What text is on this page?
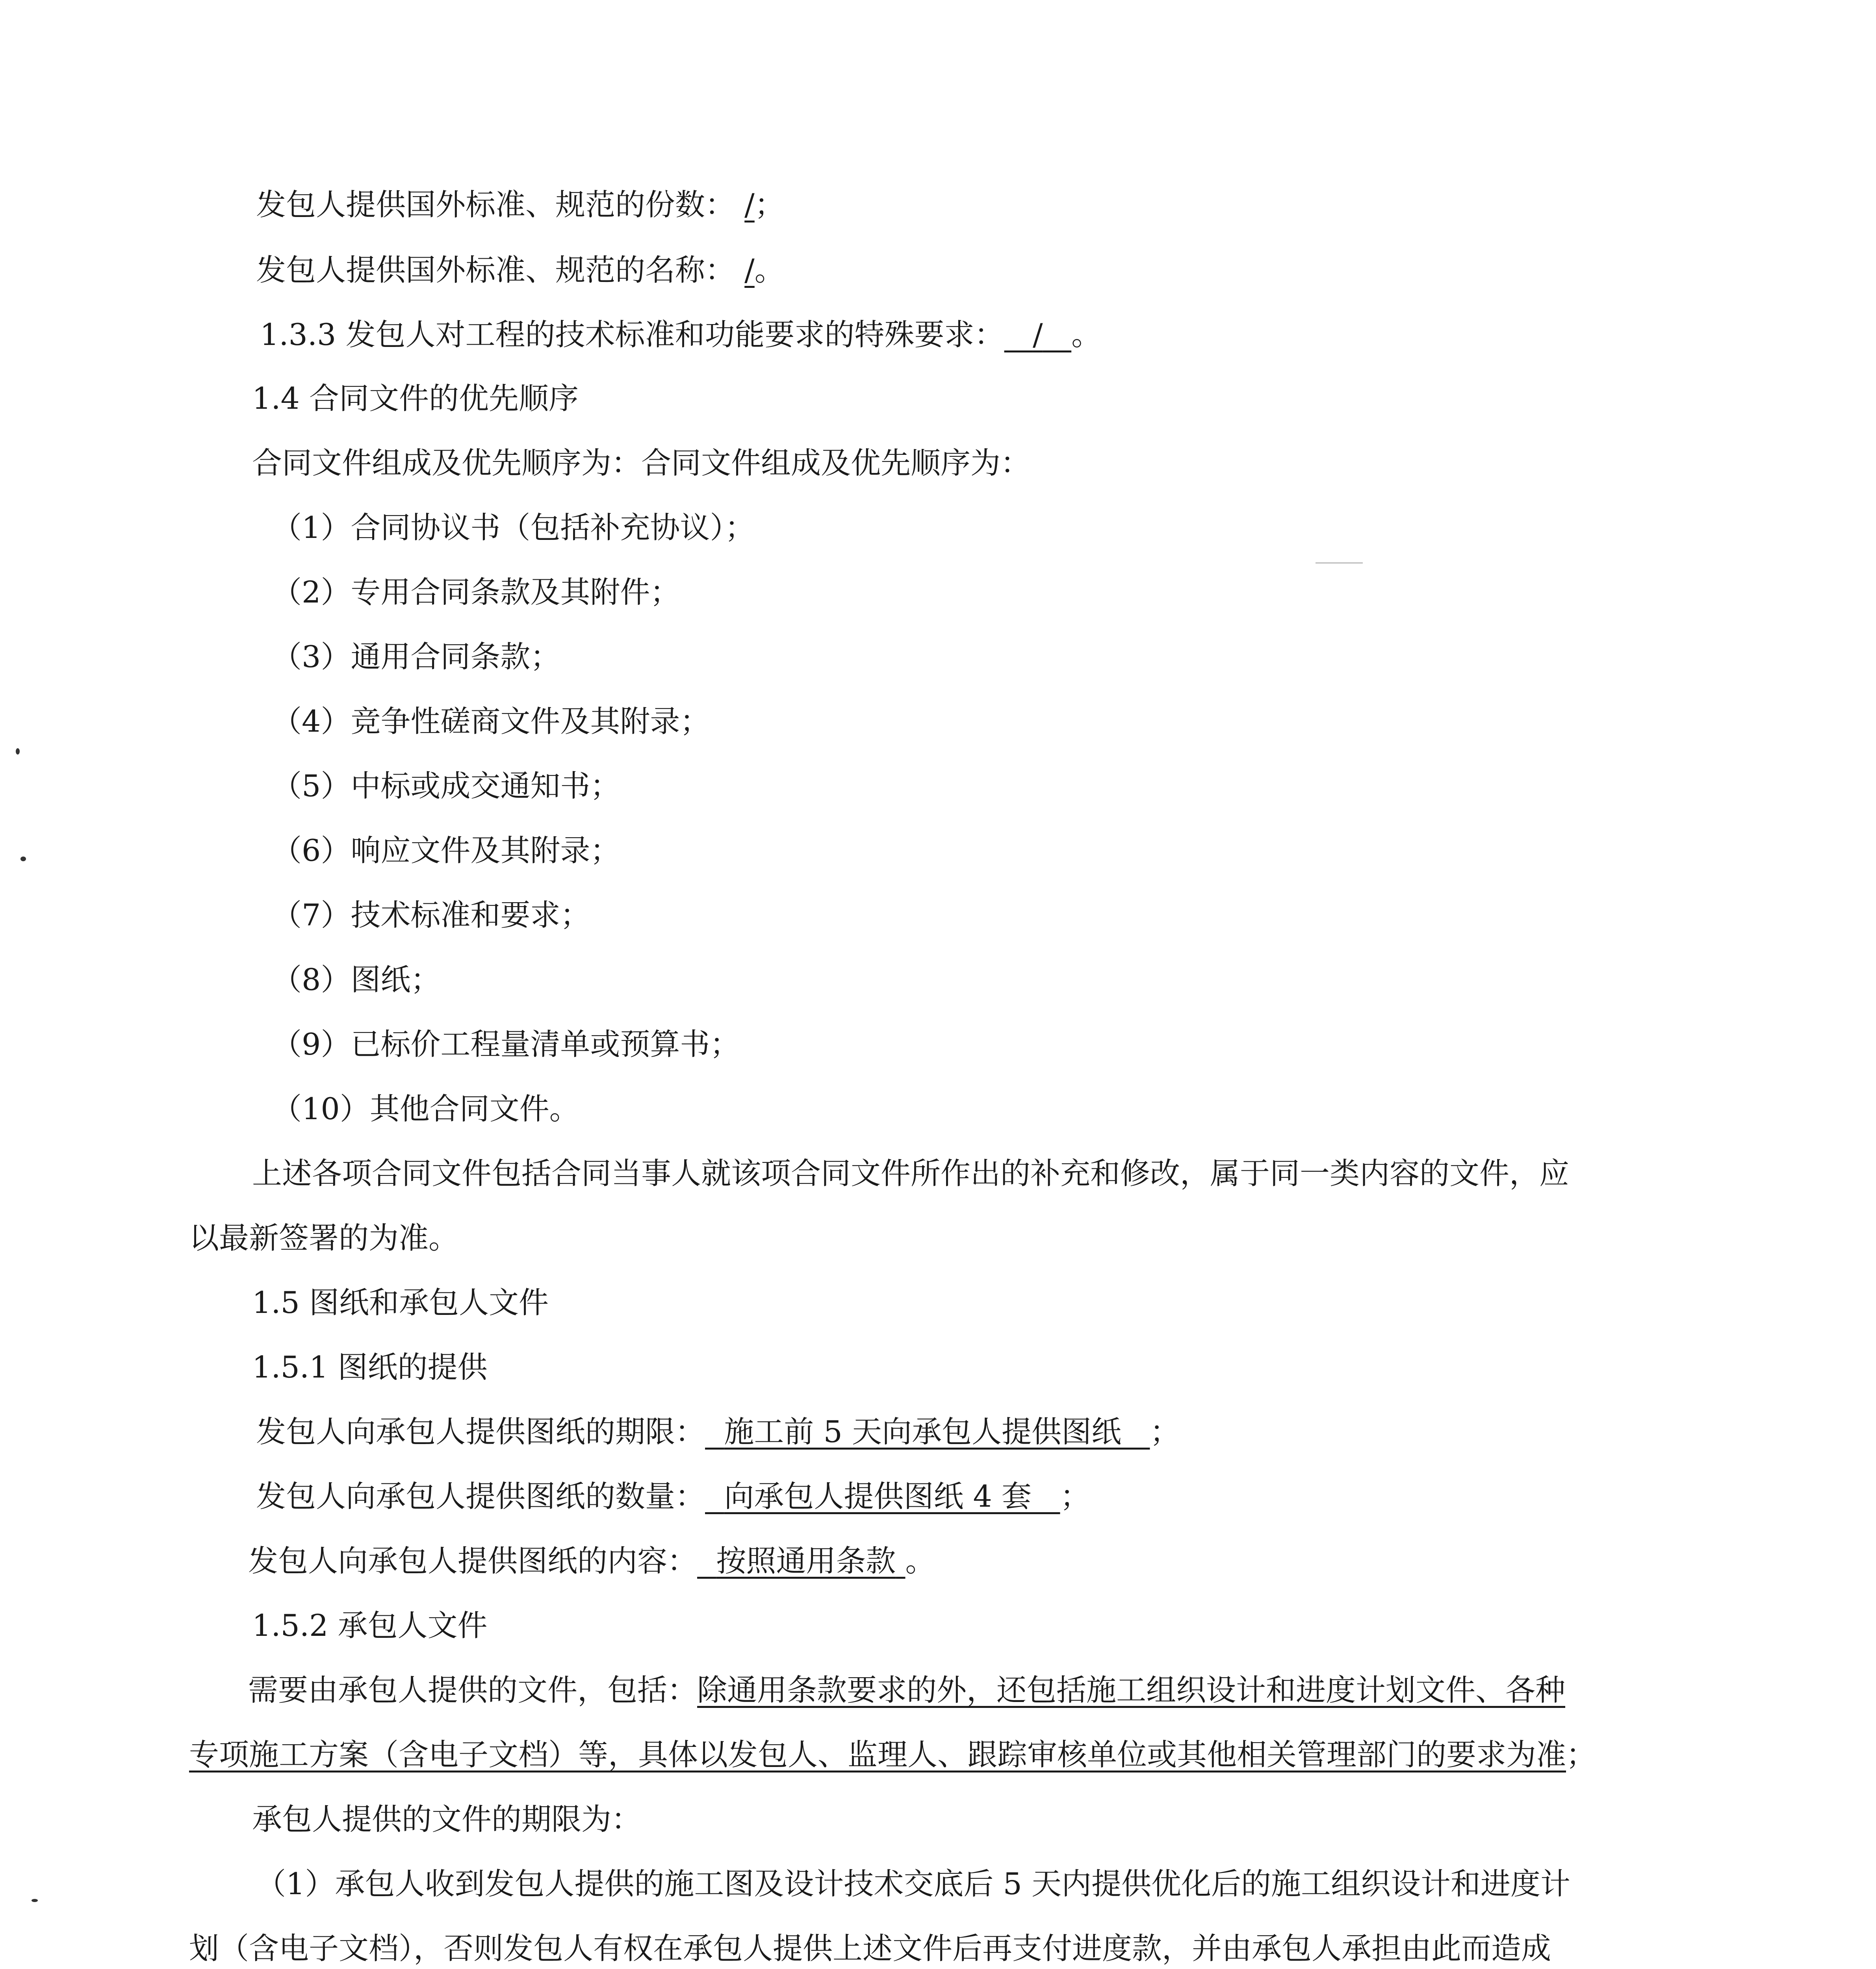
发包人提供国外标准、规范的份数： /；

发包人提供国外标准、规范的名称： /。

1.3.3 发包人对工程的技术标准和功能要求的特殊要求： / 。

1.4 合同文件的优先顺序

合同文件组成及优先顺序为：合同文件组成及优先顺序为：

（1）合同协议书（包括补充协议）；

（2）专用合同条款及其附件；

（3）通用合同条款；

（4）竞争性磋商文件及其附录；

（5）中标或成交通知书；

（6）响应文件及其附录；

（7）技术标准和要求；

（8）图纸；

（9）已标价工程量清单或预算书；

（10）其他合同文件。

上述各项合同文件包括合同当事人就该项合同文件所作出的补充和修改，属于同一类内容的文件，应

以最新签署的为准。

1.5 图纸和承包人文件

1.5.1 图纸的提供

发包人向承包人提供图纸的期限： 施工前 5 天向承包人提供图纸 ；

发包人向承包人提供图纸的数量： 向承包人提供图纸 4 套 ；

发包人向承包人提供图纸的内容： 按照通用条款 。

1.5.2 承包人文件

需要由承包人提供的文件，包括：除通用条款要求的外，还包括施工组织设计和进度计划文件、各种

专项施工方案（含电子文档）等，具体以发包人、监理人、跟踪审核单位或其他相关管理部门的要求为准；

承包人提供的文件的期限为：

（1）承包人收到发包人提供的施工图及设计技术交底后 5 天内提供优化后的施工组织设计和进度计

划（含电子文档），否则发包人有权在承包人提供上述文件后再支付进度款，并由承包人承担由此而造成
